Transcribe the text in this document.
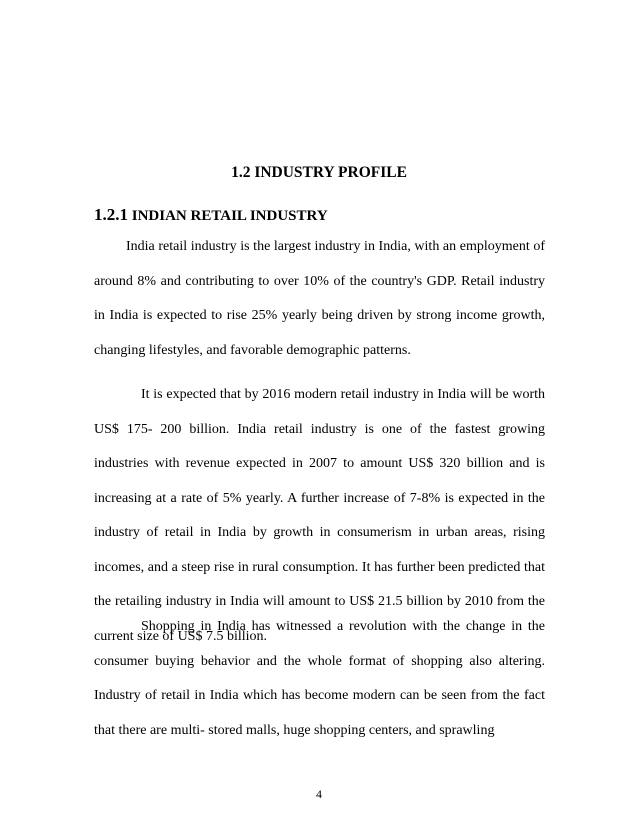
1.2 INDUSTRY PROFILE
1.2.1 INDIAN RETAIL INDUSTRY

India retail industry is the largest industry in India, with an employment of around 8% and contributing to over 10% of the country's GDP. Retail industry in India is expected to rise 25% yearly being driven by strong income growth, changing lifestyles, and favorable demographic patterns.

It is expected that by 2016 modern retail industry in India will be worth US$ 175- 200 billion. India retail industry is one of the fastest growing industries with revenue expected in 2007 to amount US$ 320 billion and is increasing at a rate of 5% yearly. A further increase of 7-8% is expected in the industry of retail in India by growth in consumerism in urban areas, rising incomes, and a steep rise in rural consumption. It has further been predicted that the retailing industry in India will amount to US$ 21.5 billion by 2010 from the current size of US$ 7.5 billion.

Shopping in India has witnessed a revolution with the change in the consumer buying behavior and the whole format of shopping also altering. Industry of retail in India which has become modern can be seen from the fact that there are multi- stored malls, huge shopping centers, and sprawling

4
